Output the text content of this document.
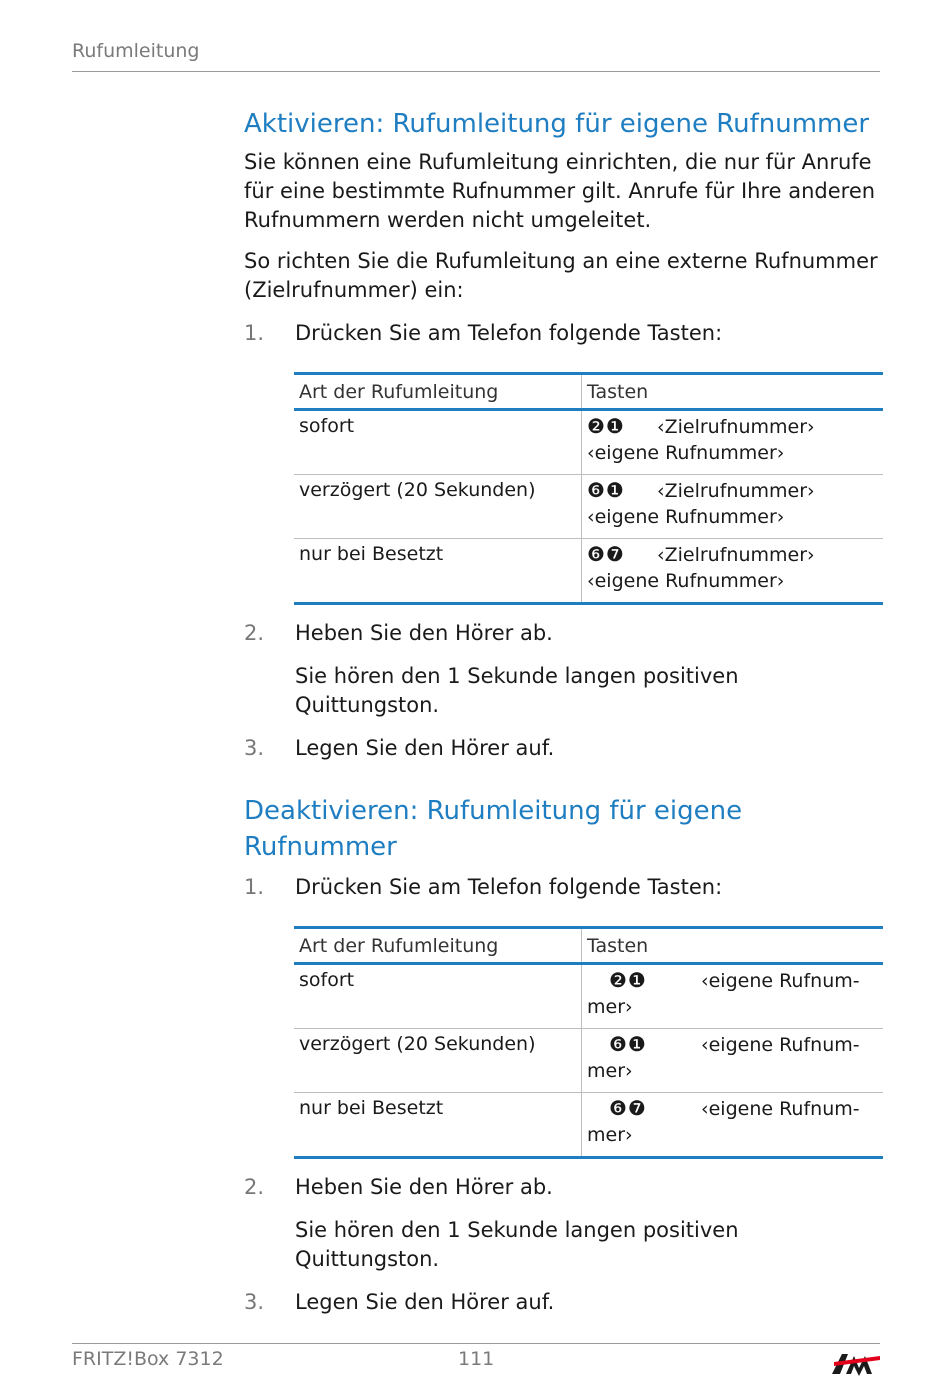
Rufumleitung
Aktivieren: Rufumleitung für eigene Rufnummer

Sie können eine Rufumleitung einrichten, die nur für Anrufe
für eine bestimmte Rufnummer gilt. Anrufe für Ihre anderen
Rufnummern werden nicht umgeleitet.

So richten Sie die Rufumleitung an eine externe Rufnummer
(Zielrufnummer) ein:

1. Drücken Sie am Telefon folgende Tasten:

Art der Rufumleitung	Tasten
sofort	❷❶ ‹Zielrufnummer›
‹eigene Rufnummer›
verzögert (20 Sekunden)	❻❶ ‹Zielrufnummer›
‹eigene Rufnummer›
nur bei Besetzt	❻❼ ‹Zielrufnummer›
‹eigene Rufnummer›

2. Heben Sie den Hörer ab.

Sie hören den 1 Sekunde langen positiven Quittungston.

3. Legen Sie den Hörer auf.

Deaktivieren: Rufumleitung für eigene Rufnummer

1. Drücken Sie am Telefon folgende Tasten:

Art der Rufumleitung	Tasten
sofort	❷❶ ‹eigene Rufnum-
mer›
verzögert (20 Sekunden)	❻❶ ‹eigene Rufnum-
mer›
nur bei Besetzt	❻❼ ‹eigene Rufnum-
mer›

2. Heben Sie den Hörer ab.

Sie hören den 1 Sekunde langen positiven Quittungston.

3. Legen Sie den Hörer auf.

FRITZ!Box 7312	111
